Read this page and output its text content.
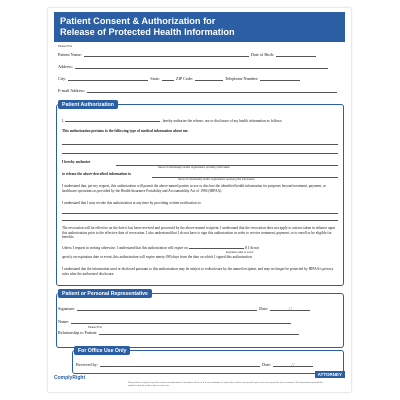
Patient Consent & Authorization for
Release of Protected Health Information
Please Print
Patient Name:	Date of Birth:
Address:
City:	State:	ZIP Code:	Telephone Number:
E-mail Address:
Patient Authorization
I,	, hereby authorize the release, use or disclosure of my health information as follows:
This authorization pertains to the following type of medical information about me:
I hereby authorize
Name of individual(s) and/or organization providing information
to release the above-described information to
Name of individual(s) and/or organization receiving this information
I understand that, per my request, this authorization will permit the above-named parties to use or disclose the identified health information for purposes beyond treatment, payment, or healthcare operations as provided by the Health Insurance Portability and Accountability Act of 1996 (HIPAA).
I understand that I may revoke this authorization at any time by providing written notification to:
The revocation will be effective on the date it has been received and processed by the above-named recipient. I understand that the revocation does not apply to actions taken in reliance upon this authorization prior to the effective date of revocation. I also understand that I do not have to sign this authorization in order to receive treatment, payment, or to enroll or be eligible for benefits.
Unless I request in writing otherwise, I understand that this authorization will expire on	If I do not
Expiration date or event
specify an expiration date or event, this authorization will expire ninety (90) days from the date on which I signed this authorization.
I understand that the information used or disclosed pursuant to this authorization may be subject to redisclosure by the named recipient, and may no longer be protected by HIPAA/s privacy rules after the authorized disclosure.
Patient or Personal Representative
Signature:	Date:	/ /
Name:
Please Print
Relationship to Patient:
For Office Use Only
Received by:	Date:	/ /
ComplyRight
ATTORNEY
This product is designed to provide accurate and authoritative information. However, it is not a substitute for legal advice and does not provide legal services on any specific facts or situation. The information is periodically updated so that the product reflects current law.
